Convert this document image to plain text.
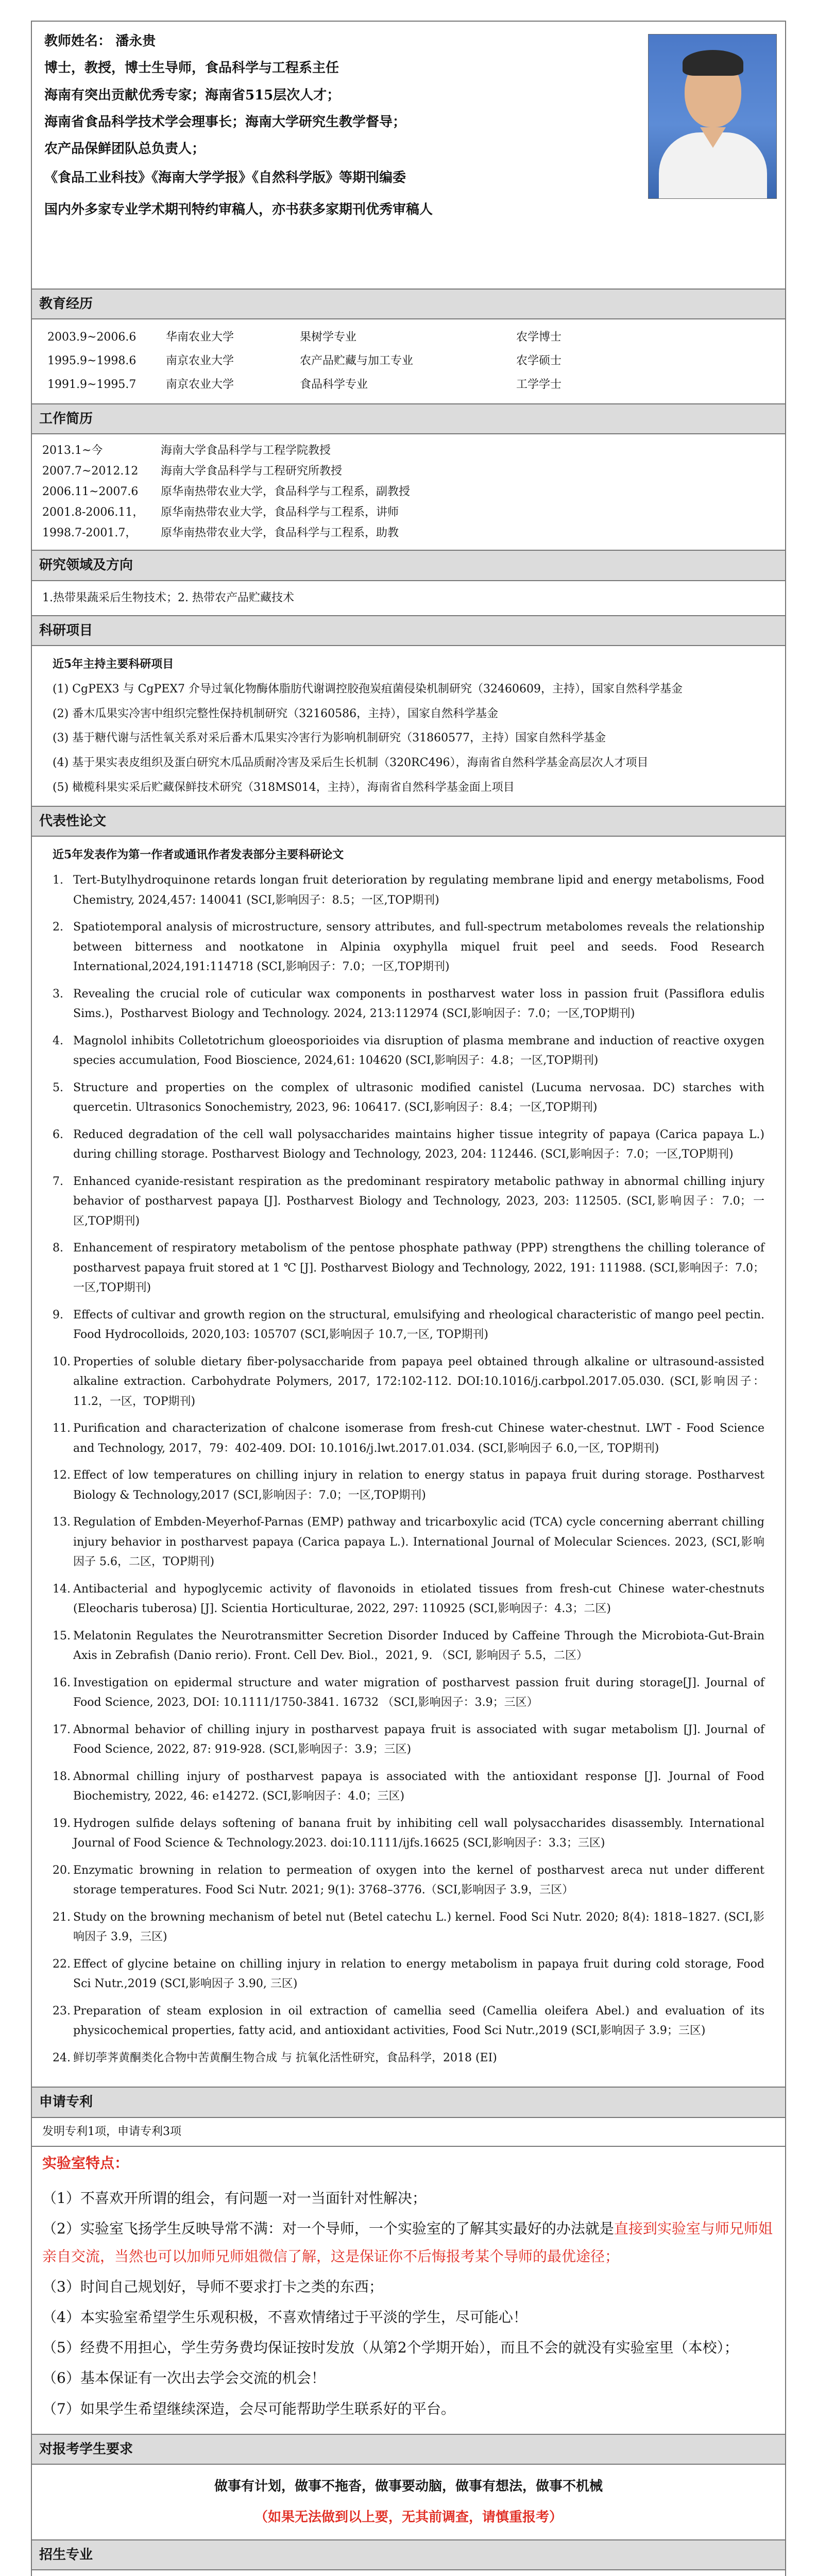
教师姓名： 潘永贵
博士，教授，博士生导师，食品科学与工程系主任
海南有突出贡献优秀专家；海南省515层次人才；
海南省食品科学技术学会理事长；海南大学研究生教学督导；
农产品保鲜团队总负责人；
《食品工业科技》《海南大学学报》《自然科学版》等期刊编委
国内外多家专业学术期刊特约审稿人，亦书获多家期刊优秀审稿人
教育经历
2003.9~2006.6	华南农业大学	果树学专业	农学博士
1995.9~1998.6	南京农业大学	农产品贮藏与加工专业	农学硕士
1991.9~1995.7	南京农业大学	食品科学专业	工学学士
工作简历
2013.1~今	海南大学食品科学与工程学院教授
2007.7~2012.12	海南大学食品科学与工程研究所教授
2006.11~2007.6	原华南热带农业大学，食品科学与工程系，副教授
2001.8-2006.11，	原华南热带农业大学，食品科学与工程系，讲师
1998.7-2001.7，	原华南热带农业大学，食品科学与工程系，助教
研究领域及方向
1.热带果蔬采后生物技术；2. 热带农产品贮藏技术
科研项目
近5年主持主要科研项目
(1) CgPEX3 与 CgPEX7 介导过氧化物酶体脂肪代谢调控胶孢炭疽菌侵染机制研究（32460609，主持），国家自然科学基金
(2) 番木瓜果实冷害中组织完整性保持机制研究（32160586，主持），国家自然科学基金
(3) 基于糖代谢与活性氧关系对采后番木瓜果实冷害行为影响机制研究（31860577，主持）国家自然科学基金
(4) 基于果实表皮组织及蛋白研究木瓜品质耐冷害及采后生长机制（320RC496），海南省自然科学基金高层次人才项目
(5) 橄榄科果实采后贮藏保鲜技术研究（318MS014，主持），海南省自然科学基金面上项目
代表性论文
近5年发表作为第一作者或通讯作者发表部分主要科研论文
1. Tert-Butylhydroquinone retards longan fruit deterioration by regulating membrane lipid and energy metabolisms, Food Chemistry, 2024,457: 140041 (SCI,影响因子：8.5；一区,TOP期刊)
2. Spatiotemporal analysis of microstructure, sensory attributes, and full-spectrum metabolomes reveals the relationship between bitterness and nootkatone in Alpinia oxyphylla miquel fruit peel and seeds. Food Research International,2024,191:114718 (SCI,影响因子：7.0；一区,TOP期刊)
3. Revealing the crucial role of cuticular wax components in postharvest water loss in passion fruit (Passiflora edulis Sims.)，Postharvest Biology and Technology. 2024, 213:112974 (SCI,影响因子：7.0；一区,TOP期刊)
4. Magnolol inhibits Colletotrichum gloeosporioides via disruption of plasma membrane and induction of reactive oxygen species accumulation, Food Bioscience, 2024,61: 104620 (SCI,影响因子：4.8；一区,TOP期刊)
5. Structure and properties on the complex of ultrasonic modified canistel (Lucuma nervosaa. DC) starches with quercetin. Ultrasonics Sonochemistry, 2023, 96: 106417. (SCI,影响因子：8.4；一区,TOP期刊)
6. Reduced degradation of the cell wall polysaccharides maintains higher tissue integrity of papaya (Carica papaya L.) during chilling storage. Postharvest Biology and Technology, 2023, 204: 112446. (SCI,影响因子：7.0；一区,TOP期刊)
7. Enhanced cyanide-resistant respiration as the predominant respiratory metabolic pathway in abnormal chilling injury behavior of postharvest papaya [J]. Postharvest Biology and Technology, 2023, 203: 112505. (SCI,影响因子：7.0；一区,TOP期刊)
8. Enhancement of respiratory metabolism of the pentose phosphate pathway (PPP) strengthens the chilling tolerance of postharvest papaya fruit stored at 1 ℃ [J]. Postharvest Biology and Technology, 2022, 191: 111988. (SCI,影响因子：7.0；一区,TOP期刊)
9. Effects of cultivar and growth region on the structural, emulsifying and rheological characteristic of mango peel pectin. Food Hydrocolloids, 2020,103: 105707 (SCI,影响因子 10.7,一区, TOP期刊)
10. Properties of soluble dietary fiber-polysaccharide from papaya peel obtained through alkaline or ultrasound-assisted alkaline extraction. Carbohydrate Polymers, 2017, 172:102-112. DOI:10.1016/j.carbpol.2017.05.030. (SCI,影响因子：11.2，一区，TOP期刊)
11. Purification and characterization of chalcone isomerase from fresh-cut Chinese water-chestnut. LWT - Food Science and Technology, 2017，79：402-409. DOI: 10.1016/j.lwt.2017.01.034. (SCI,影响因子 6.0,一区, TOP期刊)
12. Effect of low temperatures on chilling injury in relation to energy status in papaya fruit during storage. Postharvest Biology & Technology,2017 (SCI,影响因子：7.0；一区,TOP期刊)
13. Regulation of Embden-Meyerhof-Parnas (EMP) pathway and tricarboxylic acid (TCA) cycle concerning aberrant chilling injury behavior in postharvest papaya (Carica papaya L.). International Journal of Molecular Sciences. 2023, (SCI,影响因子 5.6，二区，TOP期刊)
14. Antibacterial and hypoglycemic activity of flavonoids in etiolated tissues from fresh-cut Chinese water-chestnuts (Eleocharis tuberosa) [J]. Scientia Horticulturae, 2022, 297: 110925 (SCI,影响因子：4.3；二区)
15. Melatonin Regulates the Neurotransmitter Secretion Disorder Induced by Caffeine Through the Microbiota-Gut-Brain Axis in Zebrafish (Danio rerio). Front. Cell Dev. Biol.，2021, 9. （SCI, 影响因子 5.5，二区）
16. Investigation on epidermal structure and water migration of postharvest passion fruit during storage[J]. Journal of Food Science, 2023, DOI: 10.1111/1750-3841. 16732 （SCI,影响因子：3.9；三区）
17. Abnormal behavior of chilling injury in postharvest papaya fruit is associated with sugar metabolism [J]. Journal of Food Science, 2022, 87: 919-928. (SCI,影响因子：3.9；三区)
18. Abnormal chilling injury of postharvest papaya is associated with the antioxidant response [J]. Journal of Food Biochemistry, 2022, 46: e14272. (SCI,影响因子：4.0；三区)
19. Hydrogen sulfide delays softening of banana fruit by inhibiting cell wall polysaccharides disassembly. International Journal of Food Science & Technology.2023. doi:10.1111/ijfs.16625 (SCI,影响因子：3.3；三区)
20. Enzymatic browning in relation to permeation of oxygen into the kernel of postharvest areca nut under different storage temperatures. Food Sci Nutr. 2021; 9(1): 3768–3776.（SCI,影响因子 3.9，三区）
21. Study on the browning mechanism of betel nut (Betel catechu L.) kernel. Food Sci Nutr. 2020; 8(4): 1818–1827. (SCI,影响因子 3.9，三区)
22. Effect of glycine betaine on chilling injury in relation to energy metabolism in papaya fruit during cold storage, Food Sci Nutr.,2019 (SCI,影响因子 3.90, 三区)
23. Preparation of steam explosion in oil extraction of camellia seed (Camellia oleifera Abel.) and evaluation of its physicochemical properties, fatty acid, and antioxidant activities, Food Sci Nutr.,2019 (SCI,影响因子 3.9；三区)
24. 鲜切荸荠黄酮类化合物中苦黄酮生物合成 与 抗氧化活性研究，食品科学，2018 (EI)
申请专利
发明专利1项，申请专利3项
实验室特点：

（1）不喜欢开所谓的组会，有问题一对一当面针对性解决；

（2）实验室飞扬学生反映导常不满：对一个导师，一个实验室的了解其实最好的办法就是直接到实验室与师兄师姐亲自交流，当然也可以加师兄师姐微信了解，这是保证你不后悔报考某个导师的最优途径；

（3）时间自己规划好，导师不要求打卡之类的东西；

（4）本实验室希望学生乐观积极，不喜欢情绪过于平淡的学生，尽可能心！

（5）经费不用担心，学生劳务费均保证按时发放（从第2个学期开始），而且不会的就没有实验室里（本校）；

（6）基本保证有一次出去学会交流的机会！

（7）如果学生希望继续深造，会尽可能帮助学生联系好的平台。

对报考学生要求

做事有计划，做事不拖沓，做事要动脑，做事有想法，做事不机械

（如果无法做到以上要，无其前调查，请慎重报考）

招生专业
